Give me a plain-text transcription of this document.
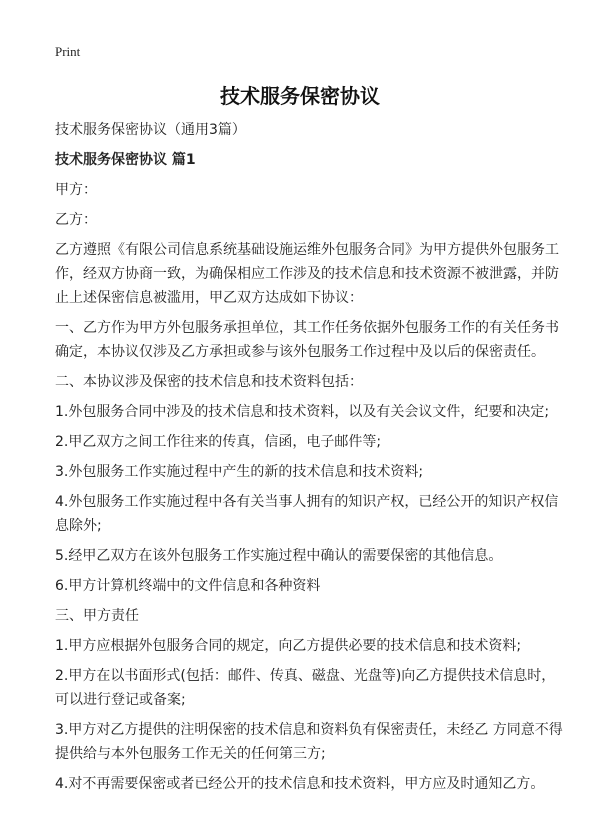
Print
技术服务保密协议
技术服务保密协议（通用3篇）
技术服务保密协议 篇1
甲方：
乙方：
乙方遵照《有限公司信息系统基础设施运维外包服务合同》为甲方提供外包服务工
作，经双方协商一致，为确保相应工作涉及的技术信息和技术资源不被泄露，并防
止上述保密信息被滥用，甲乙双方达成如下协议：
一、乙方作为甲方外包服务承担单位，其工作任务依据外包服务工作的有关任务书
确定，本协议仅涉及乙方承担或参与该外包服务工作过程中及以后的保密责任。
二、本协议涉及保密的技术信息和技术资料包括：
1.外包服务合同中涉及的技术信息和技术资料，以及有关会议文件，纪要和决定;
2.甲乙双方之间工作往来的传真，信函，电子邮件等;
3.外包服务工作实施过程中产生的新的技术信息和技术资料;
4.外包服务工作实施过程中各有关当事人拥有的知识产权，已经公开的知识产权信
息除外;
5.经甲乙双方在该外包服务工作实施过程中确认的需要保密的其他信息。
6.甲方计算机终端中的文件信息和各种资料
三、甲方责任
1.甲方应根据外包服务合同的规定，向乙方提供必要的技术信息和技术资料;
2.甲方在以书面形式(包括：邮件、传真、磁盘、光盘等)向乙方提供技术信息时，
可以进行登记或备案;
3.甲方对乙方提供的注明保密的技术信息和资料负有保密责任，未经乙 方同意不得
提供给与本外包服务工作无关的任何第三方;
4.对不再需要保密或者已经公开的技术信息和技术资料，甲方应及时通知乙方。
